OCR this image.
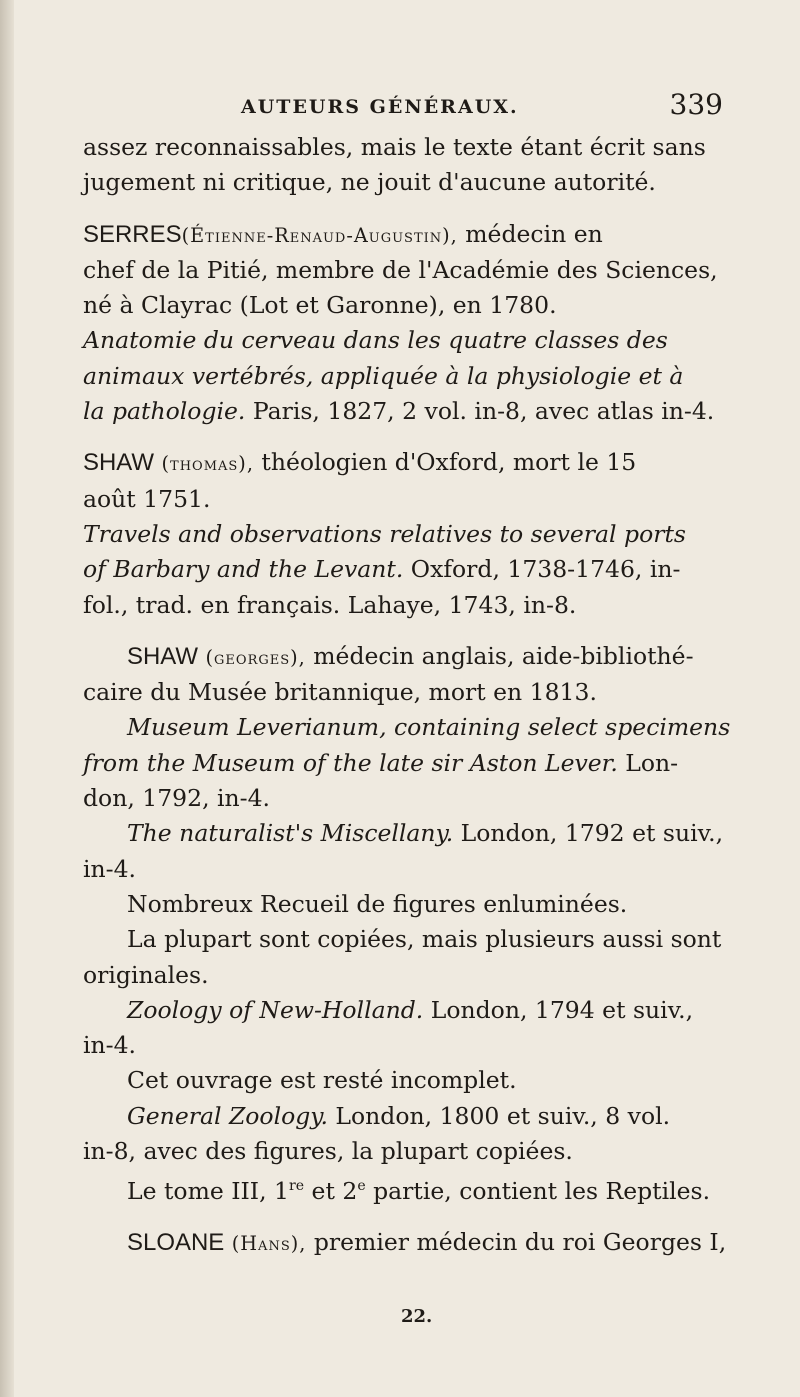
AUTEURS GÉNÉRAUX.	339
assez reconnaissables, mais le texte étant écrit sans
jugement ni critique, ne jouit d'aucune autorité.
SERRES(Étienne-Renaud-Augustin), médecin en
chef de la Pitié, membre de l'Académie des Sciences,
né à Clayrac (Lot et Garonne), en 1780.
Anatomie du cerveau dans les quatre classes des
animaux vertébrés, appliquée à la physiologie et à
la pathologie. Paris, 1827, 2 vol. in-8, avec atlas in-4.
SHAW (thomas), théologien d'Oxford, mort le 15
août 1751.
Travels and observations relatives to several ports
of Barbary and the Levant. Oxford, 1738-1746, in-
fol., trad. en français. Lahaye, 1743, in-8.
SHAW (georges), médecin anglais, aide-bibliothé-
caire du Musée britannique, mort en 1813.
Museum Leverianum, containing select specimens
from the Museum of the late sir Aston Lever. Lon-
don, 1792, in-4.
The naturalist's Miscellany. London, 1792 et suiv.,
in-4.
Nombreux Recueil de figures enluminées.
La plupart sont copiées, mais plusieurs aussi sont
originales.
Zoology of New-Holland. London, 1794 et suiv.,
in-4.
Cet ouvrage est resté incomplet.
General Zoology. London, 1800 et suiv., 8 vol.
in-8, avec des figures, la plupart copiées.
Le tome III, 1re et 2e partie, contient les Reptiles.
SLOANE (Hans), premier médecin du roi Georges I,
22.
